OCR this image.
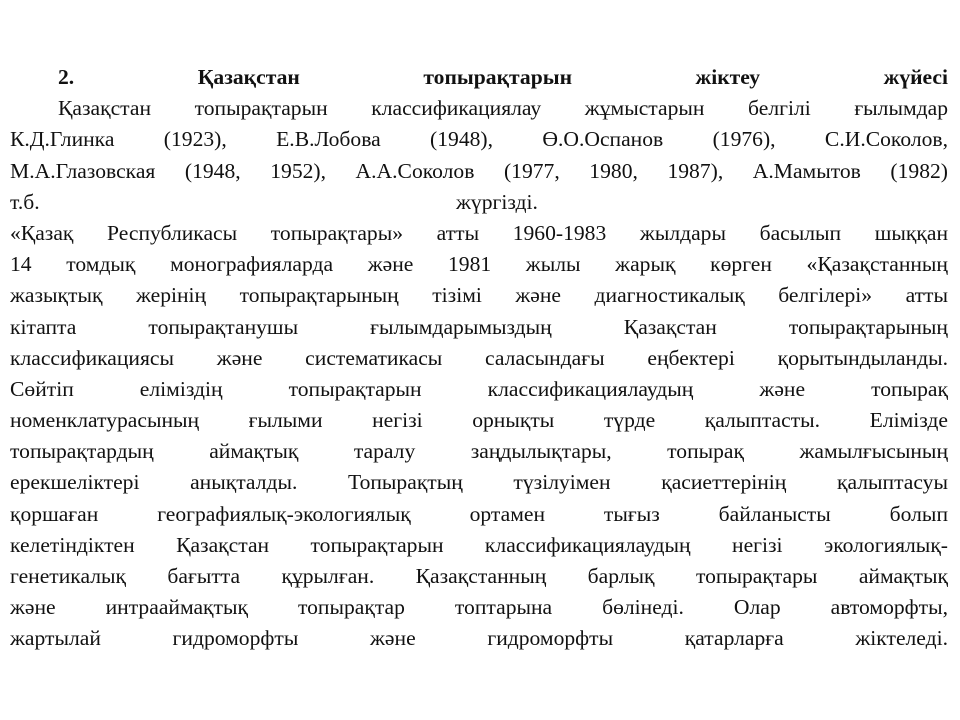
2. Қазақстан топырақтарын жіктеу жүйесі
Қазақстан топырақтарын классификациялау жұмыстарын белгілі ғылымдар
К.Д.Глинка (1923), Е.В.Лобова (1948), Ө.О.Оспанов (1976), С.И.Соколов,
М.А.Глазовская (1948, 1952), А.А.Соколов (1977, 1980, 1987), А.Мамытов (1982)
т.б.	жүргізді.
«Қазақ Республикасы топырақтары» атты 1960-1983 жылдары басылып шыққан
14 томдық монографияларда және 1981 жылы жарық көрген «Қазақстанның
жазықтық жерінің топырақтарының тізімі және диагностикалық белгілері» атты
кітапта топырақтанушы ғылымдарымыздың Қазақстан топырақтарының
классификациясы және систематикасы саласындағы еңбектері қорытындыланды.
Сөйтіп еліміздің топырақтарын классификациялаудың және топырақ
номенклатурасының ғылыми негізі орнықты түрде қалыптасты. Елімізде
топырақтардың аймақтық таралу заңдылықтары, топырақ жамылғысының
ерекшеліктері анықталды. Топырақтың түзілуімен қасиеттерінің қалыптасуы
қоршаған географиялық-экологиялық ортамен тығыз байланысты болып
келетіндіктен Қазақстан топырақтарын классификациялаудың негізі экологиялық-
генетикалық бағытта құрылған. Қазақстанның барлық топырақтары аймақтық
және интрааймақтық топырақтар топтарына бөлінеді. Олар автоморфты,
жартылай гидроморфты және гидроморфты қатарларға жіктеледі.
